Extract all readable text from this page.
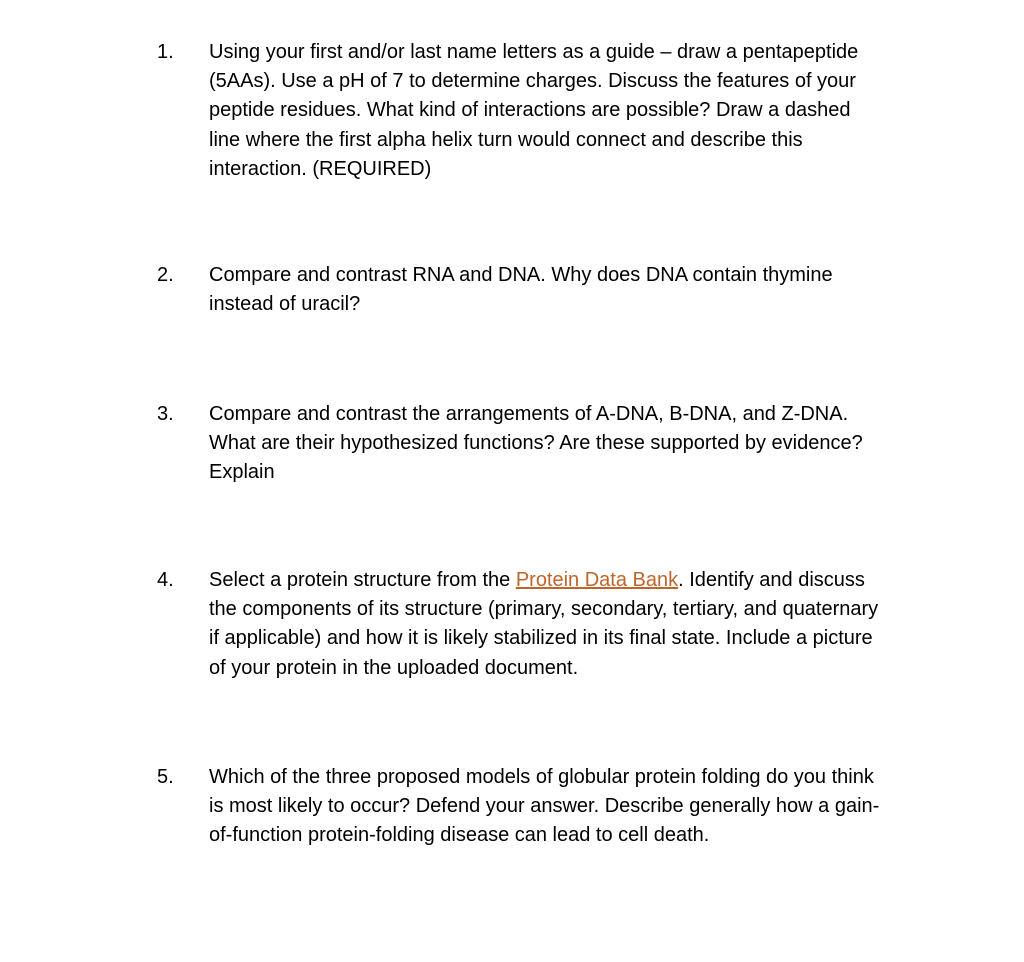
1. Using your first and/or last name letters as a guide – draw a pentapeptide
(5AAs). Use a pH of 7 to determine charges. Discuss the features of your
peptide residues. What kind of interactions are possible? Draw a dashed
line where the first alpha helix turn would connect and describe this
interaction. (REQUIRED)
2. Compare and contrast RNA and DNA. Why does DNA contain thymine
instead of uracil?
3. Compare and contrast the arrangements of A-DNA, B-DNA, and Z-DNA.
What are their hypothesized functions? Are these supported by evidence?
Explain
4. Select a protein structure from the Protein Data Bank. Identify and discuss
the components of its structure (primary, secondary, tertiary, and quaternary
if applicable) and how it is likely stabilized in its final state. Include a picture
of your protein in the uploaded document.
5. Which of the three proposed models of globular protein folding do you think
is most likely to occur? Defend your answer. Describe generally how a gain-
of-function protein-folding disease can lead to cell death.
